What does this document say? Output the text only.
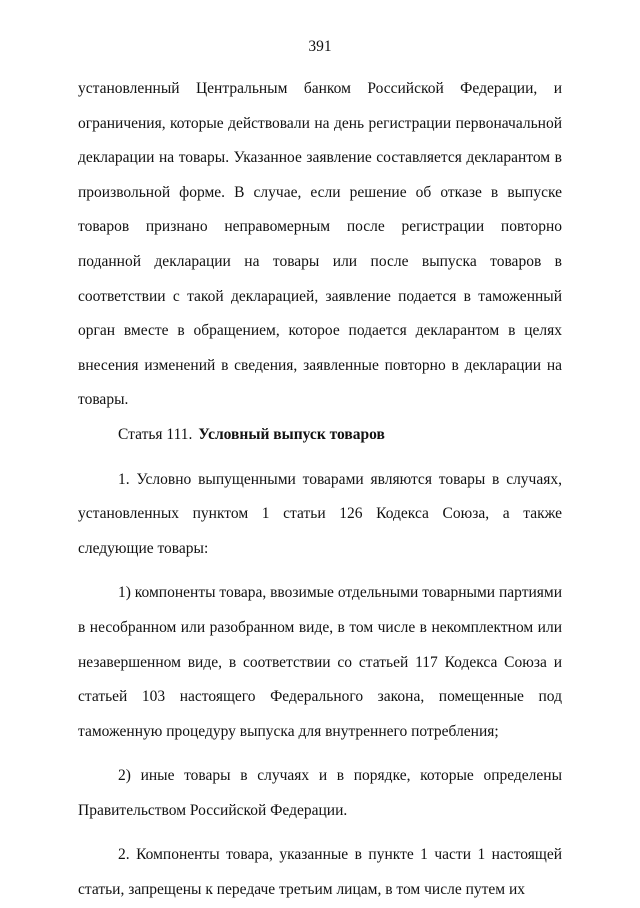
391

установленный Центральным банком Российской Федерации, и ограничения, которые действовали на день регистрации первоначальной декларации на товары. Указанное заявление составляется декларантом в произвольной форме. В случае, если решение об отказе в выпуске товаров признано неправомерным после регистрации повторно поданной декларации на товары или после выпуска товаров в соответствии с такой декларацией, заявление подается в таможенный орган вместе в обращением, которое подается декларантом в целях внесения изменений в сведения, заявленные повторно в декларации на товары.

Статья 111. Условный выпуск товаров

1. Условно выпущенными товарами являются товары в случаях, установленных пунктом 1 статьи 126 Кодекса Союза, а также следующие товары:

1) компоненты товара, ввозимые отдельными товарными партиями в несобранном или разобранном виде, в том числе в некомплектном или незавершенном виде, в соответствии со статьей 117 Кодекса Союза и статьей 103 настоящего Федерального закона, помещенные под таможенную процедуру выпуска для внутреннего потребления;

2) иные товары в случаях и в порядке, которые определены Правительством Российской Федерации.

2. Компоненты товара, указанные в пункте 1 части 1 настоящей статьи, запрещены к передаче третьим лицам, в том числе путем их
